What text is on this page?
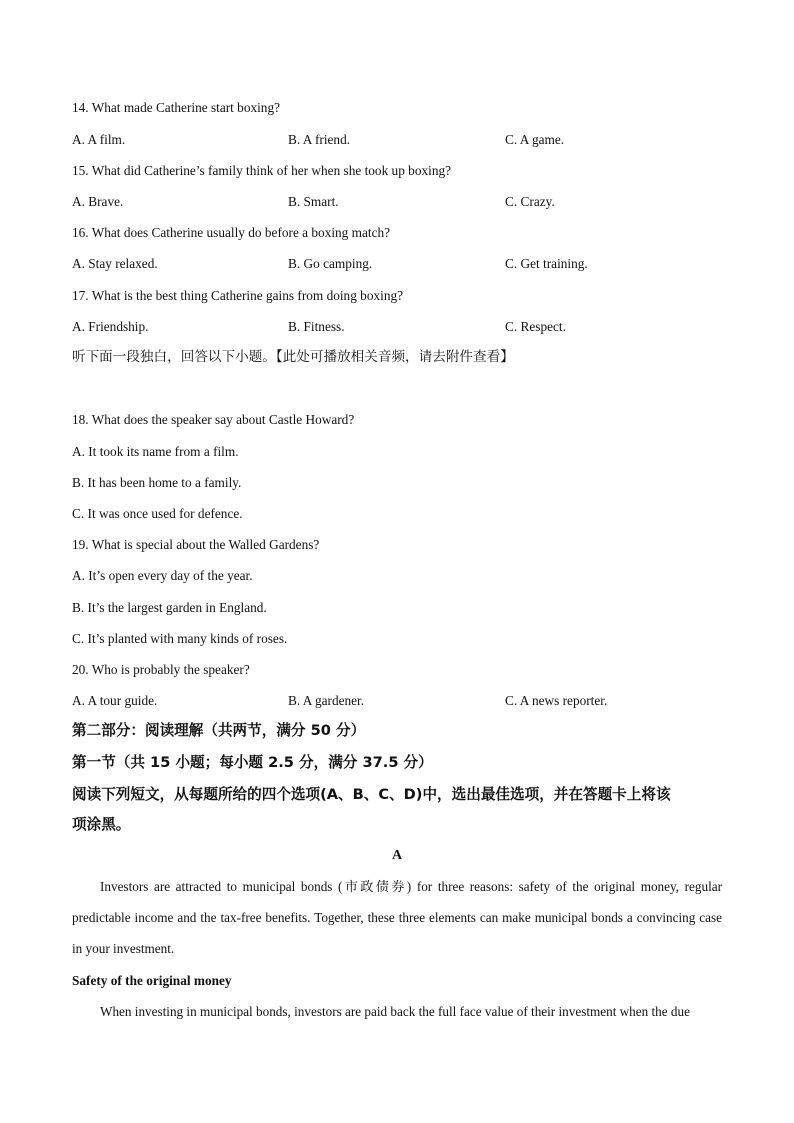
14. What made Catherine start boxing?
A. A film.	B. A friend.	C. A game.
15. What did Catherine’s family think of her when she took up boxing?
A. Brave.	B. Smart.	C. Crazy.
16. What does Catherine usually do before a boxing match?
A. Stay relaxed.	B. Go camping.	C. Get training.
17. What is the best thing Catherine gains from doing boxing?
A. Friendship.	B. Fitness.	C. Respect.
听下面一段独白，回答以下小题。【此处可播放相关音频，请去附件查看】
18. What does the speaker say about Castle Howard?
A. It took its name from a film.
B. It has been home to a family.
C. It was once used for defence.
19. What is special about the Walled Gardens?
A. It’s open every day of the year.
B. It’s the largest garden in England.
C. It’s planted with many kinds of roses.
20. Who is probably the speaker?
A. A tour guide.	B. A gardener.	C. A news reporter.
第二部分：阅读理解（共两节，满分 50 分）
第一节（共 15 小题；每小题 2.5 分，满分 37.5 分）
阅读下列短文，从每题所给的四个选项(A、B、C、D)中，选出最佳选项，并在答题卡上将该
项涂黑。
A
Investors are attracted to municipal bonds (市政债券) for three reasons: safety of the original money, regular predictable income and the tax-free benefits. Together, these three elements can make municipal bonds a convincing case in your investment.
Safety of the original money
When investing in municipal bonds, investors are paid back the full face value of their investment when the due
